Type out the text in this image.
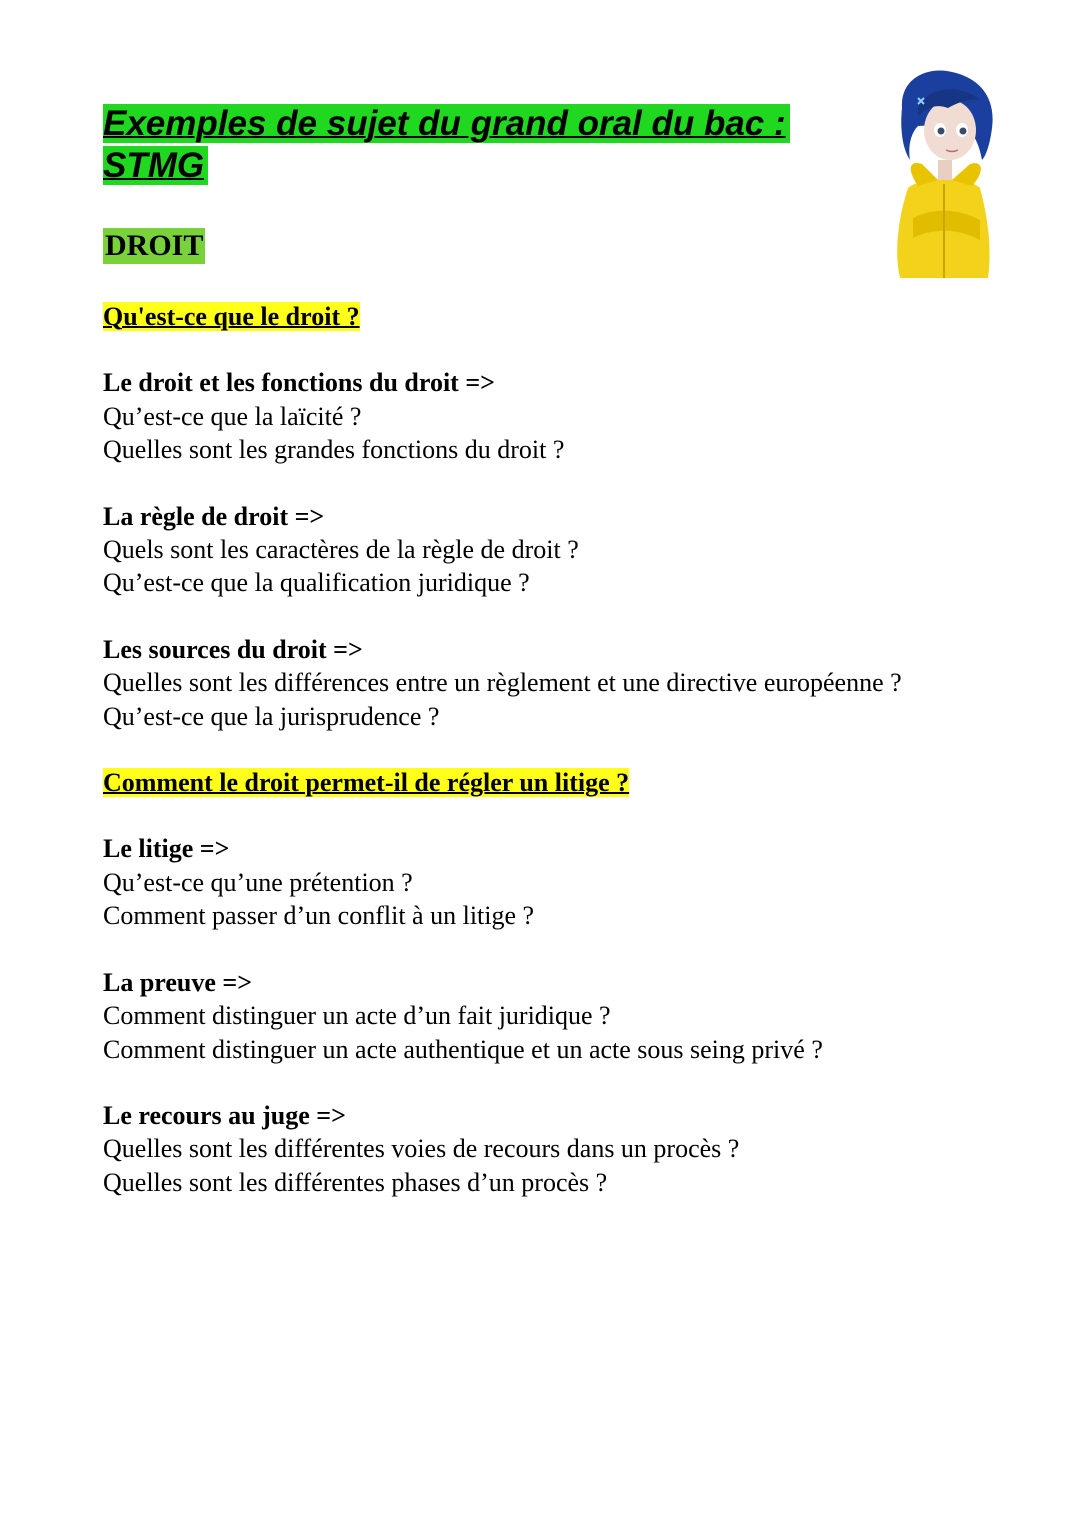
Exemples de sujet du grand oral du bac :
STMG
DROIT
Qu'est-ce que le droit ?
Le droit et les fonctions du droit =>
Qu’est-ce que la laïcité ?
Quelles sont les grandes fonctions du droit ?
La règle de droit =>
Quels sont les caractères de la règle de droit ?
Qu’est-ce que la qualification juridique ?
Les sources du droit =>
Quelles sont les différences entre un règlement et une directive européenne ?
Qu’est-ce que la jurisprudence ?
Comment le droit permet-il de régler un litige ?
Le litige =>
Qu’est-ce qu’une prétention ?
Comment passer d’un conflit à un litige ?
La preuve =>
Comment distinguer un acte d’un fait juridique ?
Comment distinguer un acte authentique et un acte sous seing privé ?
Le recours au juge =>
Quelles sont les différentes voies de recours dans un procès ?
Quelles sont les différentes phases d’un procès ?
